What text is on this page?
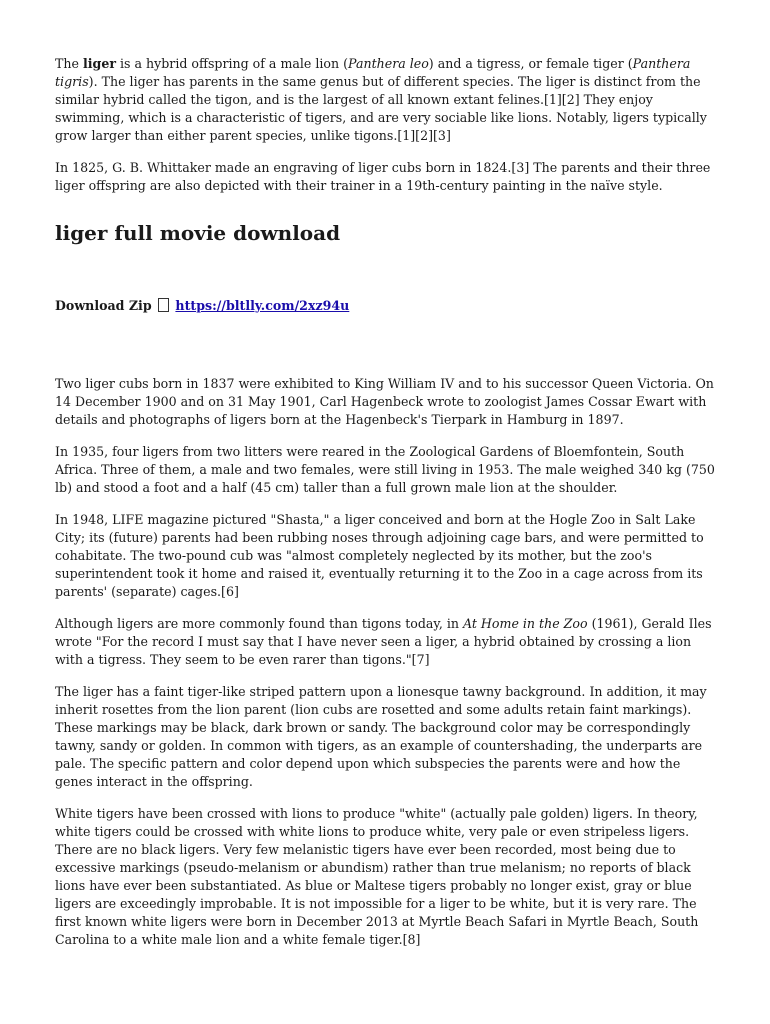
The liger is a hybrid offspring of a male lion (Panthera leo) and a tigress, or female tiger (Panthera tigris). The liger has parents in the same genus but of different species. The liger is distinct from the similar hybrid called the tigon, and is the largest of all known extant felines.[1][2] They enjoy swimming, which is a characteristic of tigers, and are very sociable like lions. Notably, ligers typically grow larger than either parent species, unlike tigons.[1][2][3]

In 1825, G. B. Whittaker made an engraving of liger cubs born in 1824.[3] The parents and their three liger offspring are also depicted with their trainer in a 19th-century painting in the naïve style.

liger full movie download
Download Zip https://bltlly.com/2xz94u

Two liger cubs born in 1837 were exhibited to King William IV and to his successor Queen Victoria. On 14 December 1900 and on 31 May 1901, Carl Hagenbeck wrote to zoologist James Cossar Ewart with details and photographs of ligers born at the Hagenbeck's Tierpark in Hamburg in 1897.

In 1935, four ligers from two litters were reared in the Zoological Gardens of Bloemfontein, South Africa. Three of them, a male and two females, were still living in 1953. The male weighed 340 kg (750 lb) and stood a foot and a half (45 cm) taller than a full grown male lion at the shoulder.

In 1948, LIFE magazine pictured "Shasta," a liger conceived and born at the Hogle Zoo in Salt Lake City; its (future) parents had been rubbing noses through adjoining cage bars, and were permitted to cohabitate. The two-pound cub was "almost completely neglected by its mother, but the zoo's superintendent took it home and raised it, eventually returning it to the Zoo in a cage across from its parents' (separate) cages.[6]

Although ligers are more commonly found than tigons today, in At Home in the Zoo (1961), Gerald Iles wrote "For the record I must say that I have never seen a liger, a hybrid obtained by crossing a lion with a tigress. They seem to be even rarer than tigons."[7]

The liger has a faint tiger-like striped pattern upon a lionesque tawny background. In addition, it may inherit rosettes from the lion parent (lion cubs are rosetted and some adults retain faint markings). These markings may be black, dark brown or sandy. The background color may be correspondingly tawny, sandy or golden. In common with tigers, as an example of countershading, the underparts are pale. The specific pattern and color depend upon which subspecies the parents were and how the genes interact in the offspring.

White tigers have been crossed with lions to produce "white" (actually pale golden) ligers. In theory, white tigers could be crossed with white lions to produce white, very pale or even stripeless ligers. There are no black ligers. Very few melanistic tigers have ever been recorded, most being due to excessive markings (pseudo-melanism or abundism) rather than true melanism; no reports of black lions have ever been substantiated. As blue or Maltese tigers probably no longer exist, gray or blue ligers are exceedingly improbable. It is not impossible for a liger to be white, but it is very rare. The first known white ligers were born in December 2013 at Myrtle Beach Safari in Myrtle Beach, South Carolina to a white male lion and a white female tiger.[8]
